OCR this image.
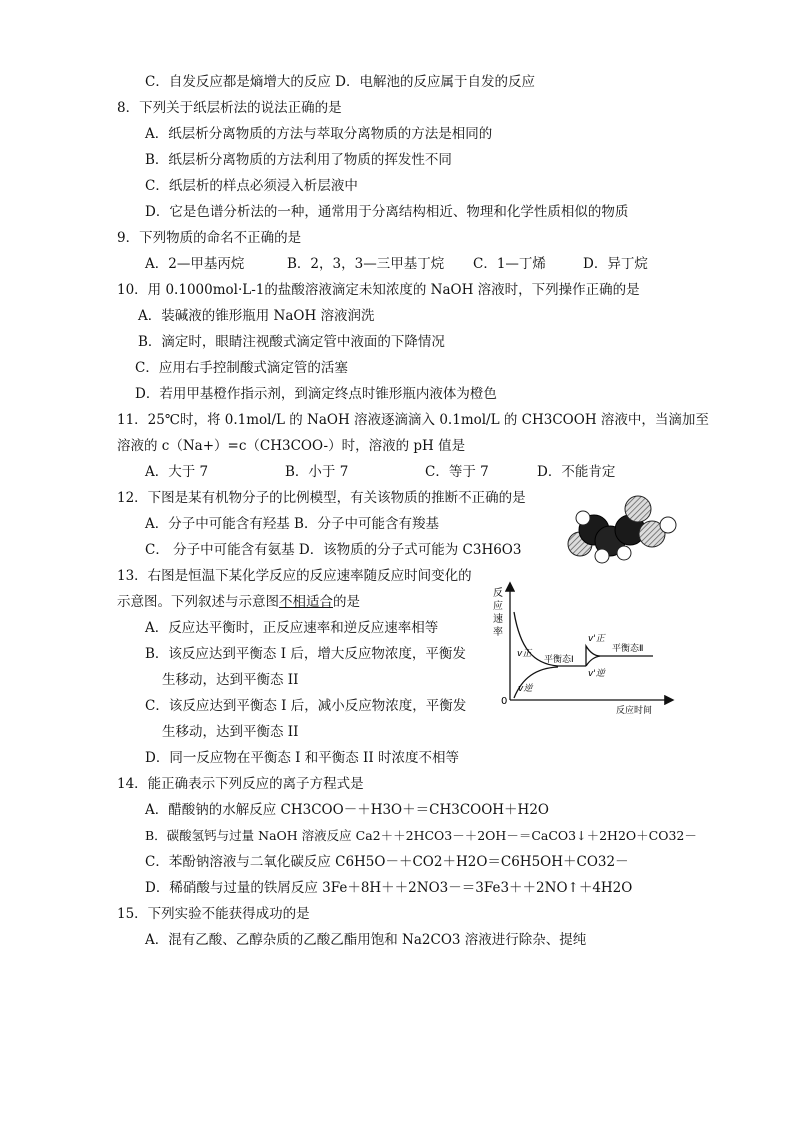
C．自发反应都是熵增大的反应 D．电解池的反应属于自发的反应
8．下列关于纸层析法的说法正确的是
A．纸层析分离物质的方法与萃取分离物质的方法是相同的
B．纸层析分离物质的方法利用了物质的挥发性不同
C．纸层析的样点必须浸入析层液中
D．它是色谱分析法的一种，通常用于分离结构相近、物理和化学性质相似的物质
9．下列物质的命名不正确的是
A．2—甲基丙烷	B．2，3，3—三甲基丁烷 C．1—丁烯	D．异丁烷
10．用 0.1000mol·L-1的盐酸溶液滴定未知浓度的 NaOH 溶液时，下列操作正确的是
A．装碱液的锥形瓶用 NaOH 溶液润洗
B．滴定时，眼睛注视酸式滴定管中液面的下降情况
C．应用右手控制酸式滴定管的活塞
D．若用甲基橙作指示剂，到滴定终点时锥形瓶内液体为橙色
11．25℃时，将 0.1mol/L 的 NaOH 溶液逐滴滴入 0.1mol/L 的 CH3COOH 溶液中，当滴加至
溶液的 c（Na+）=c（CH3COO-）时，溶液的 pH 值是
A．大于 7	B．小于 7	C．等于 7	D．不能肯定
12．下图是某有机物分子的比例模型，有关该物质的推断不正确的是
A．分子中可能含有羟基 B．分子中可能含有羧基
C． 分子中可能含有氨基 D．该物质的分子式可能为 C3H6O3
13．右图是恒温下某化学反应的反应速率随反应时间变化的
示意图。下列叙述与示意图不相适合的是
A．反应达平衡时，正反应速率和逆反应速率相等
B．该反应达到平衡态 I 后，增大反应物浓度，平衡发
生移动，达到平衡态 II
C．该反应达到平衡态 I 后，减小反应物浓度，平衡发
生移动，达到平衡态 II
D．同一反应物在平衡态 I 和平衡态 II 时浓度不相等
反
应
速
率
0
反应时间
v正
v逆
平衡态Ⅰ
v'正
v'逆
平衡态Ⅱ
14．能正确表示下列反应的离子方程式是
A．醋酸钠的水解反应 CH3COO－＋H3O＋＝CH3COOH＋H2O
B．碳酸氢钙与过量 NaOH 溶液反应 Ca2＋＋2HCO3－＋2OH－＝CaCO3↓＋2H2O＋CO32－
C．苯酚钠溶液与二氧化碳反应 C6H5O－＋CO2＋H2O＝C6H5OH＋CO32－
D．稀硝酸与过量的铁屑反应 3Fe＋8H＋＋2NO3－＝3Fe3＋＋2NO↑＋4H2O
15．下列实验不能获得成功的是
A．混有乙酸、乙醇杂质的乙酸乙酯用饱和 Na2CO3 溶液进行除杂、提纯
